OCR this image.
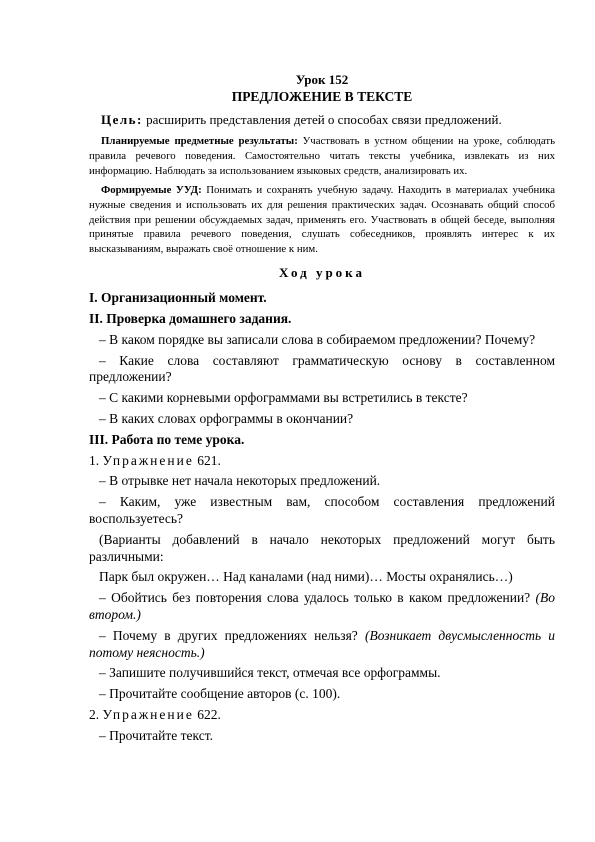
Урок 152
ПРЕДЛОЖЕНИЕ В ТЕКСТЕ
Цель: расширить представления детей о способах связи предложений.
Планируемые предметные результаты: Участвовать в устном общении на уроке, соблюдать правила речевого поведения. Самостоятельно читать тексты учебника, извлекать из них информацию. Наблюдать за использованием языковых средств, анализировать их.
Формируемые УУД: Понимать и сохранять учебную задачу. Находить в материалах учебника нужные сведения и использовать их для решения практических задач. Осознавать общий способ действия при решении обсуждаемых задач, применять его. Участвовать в общей беседе, выполняя принятые правила речевого поведения, слушать собеседников, проявлять интерес к их высказываниям, выражать своё отношение к ним.
Ход урока

I. Организационный момент.

II. Проверка домашнего задания.

– В каком порядке вы записали слова в собираемом предложении? Почему?

– Какие слова составляют грамматическую основу в составленном предложении?

– С какими корневыми орфограммами вы встретились в тексте?

– В каких словах орфограммы в окончании?

III. Работа по теме урока.

1. Упражнение 621.

– В отрывке нет начала некоторых предложений.

– Каким, уже известным вам, способом составления предложений воспользуетесь?

(Варианты добавлений в начало некоторых предложений могут быть различными:

Парк был окружен… Над каналами (над ними)… Мосты охранялись…)

– Обойтись без повторения слова удалось только в каком предложении? (Во втором.)

– Почему в других предложениях нельзя? (Возникает двусмысленность и потому неясность.)

– Запишите получившийся текст, отмечая все орфограммы.

– Прочитайте сообщение авторов (с. 100).

2. Упражнение 622.

– Прочитайте текст.
